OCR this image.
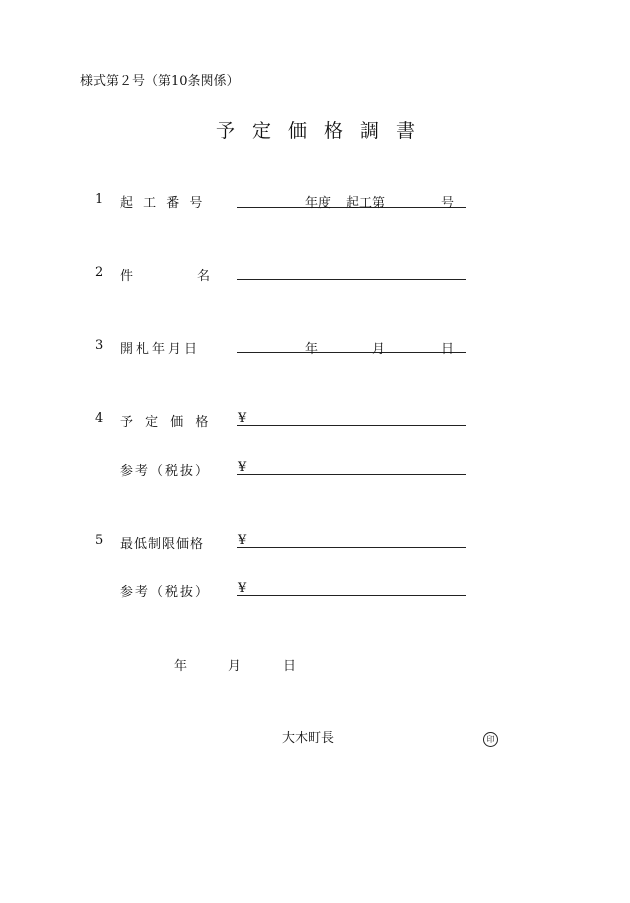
様式第２号（第10条関係）
予定価格調書
1 起 工 番 号	年度 起工第	号
2 件	名
3 開札年月日	年	月	日
4 予 定 価 格 ¥
参考（税抜） ¥
5 最低制限価格	¥
参考（税抜） ¥
年	月	日
大木町長	印
